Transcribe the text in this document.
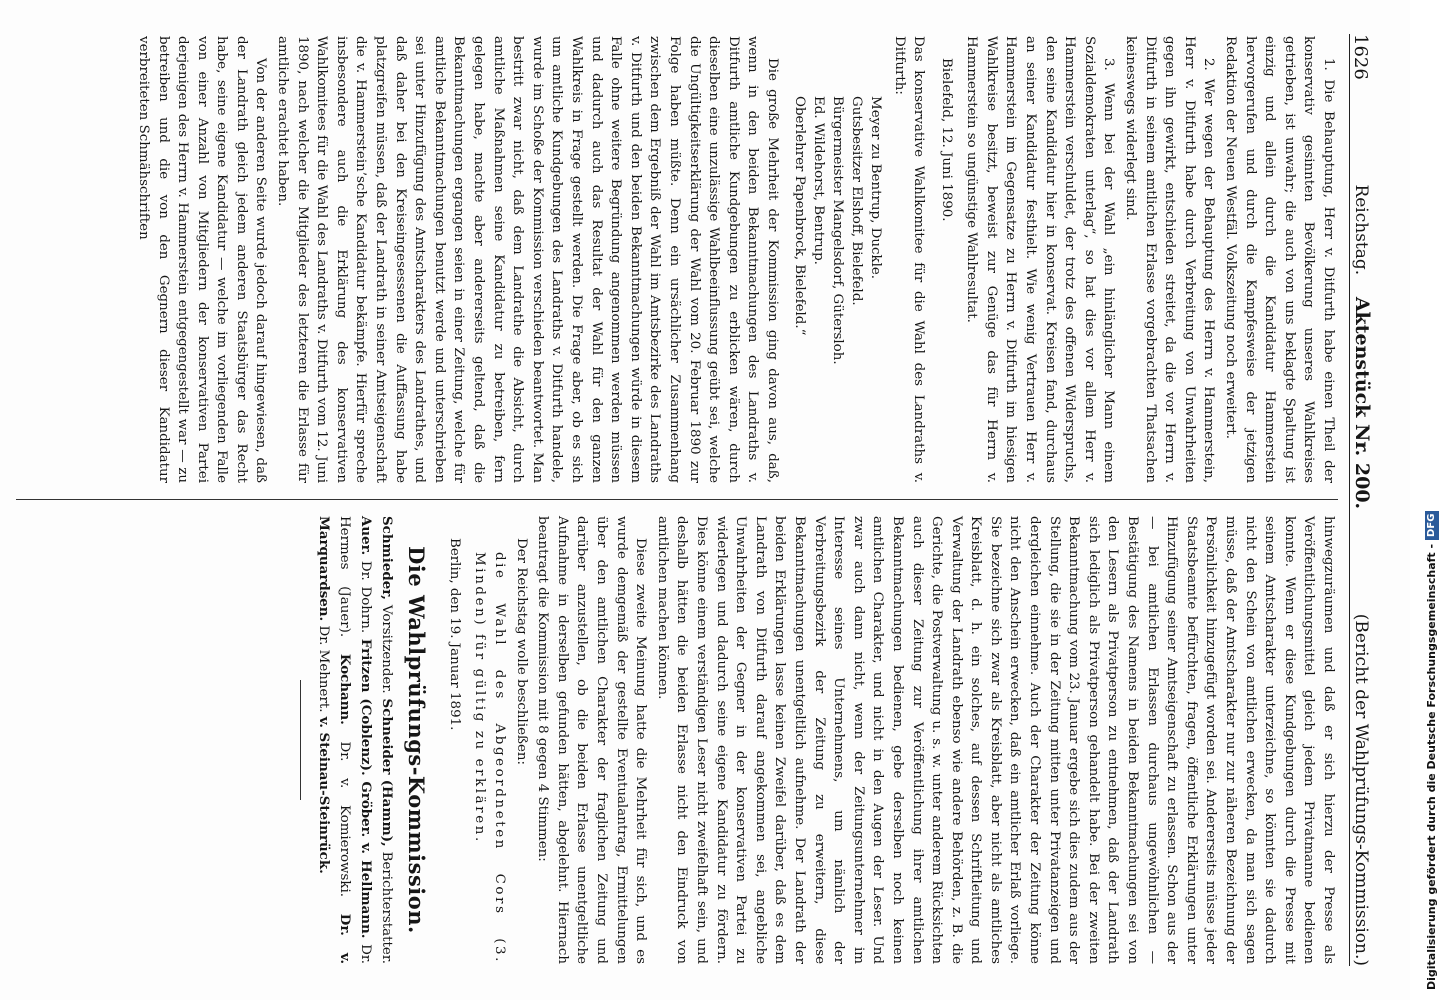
1626
Reichstag.    Aktenstück Nr. 200.
(Bericht der Wahlprüfungs-Kommission.)

1. Die Behauptung, Herr v. Ditfurth habe einen Theil der konservativ gesinnten Bevölkerung unseres Wahlkreises getrieben, ist unwahr; die auch von uns beklagte Spaltung ist einzig und allein durch die Kandidatur Hammerstein hervorgerufen und durch die Kampfesweise der jetzigen Redaktion der Neuen Westfäl. Volkszeitung noch erweitert.

2. Wer wegen der Behauptung des Herrn v. Hammerstein, Herr v. Ditfurth habe durch Verbreitung von Unwahrheiten gegen ihn gewirkt, entschieden streitet, da die vor Herrn v. Ditfurth in seinem amtlichen Erlasse vorgebrachten Thatsachen keineswegs widerlegt sind.

3. Wenn bei der Wahl „ein hinlänglicher Mann einem Sozialdemokraten unterlag“, so hat dies vor allem Herr v. Hammerstein verschuldet, der trotz des offenen Widerspruchs, den seine Kandidatur hier in konservat. Kreisen fand, durchaus an seiner Kandidatur festhielt. Wie wenig Vertrauen Herr v. Hammerstein im Gegensatze zu Herrn v. Ditfurth im hiesigen Wahlkreise besitzt, beweist zur Genüge das für Herrn v. Hammerstein so ungünstige Wahlresultat.

Bielefeld, 12. Juni 1890.

Das konservative Wahlkomitee für die Wahl des Landraths v. Ditfurth:

Meyer zu Bentrup, Duckle.
Gutsbesitzer Elshoff, Bielefeld.
Bürgermeister Mangelsdorf, Gütersloh.
Ed. Wildehorst, Bentrup.
Oberlehrer Papenbrock, Bielefeld.“

Die große Mehrheit der Kommission ging davon aus, daß, wenn in den beiden Bekanntmachungen des Landraths v. Ditfurth amtliche Kundgebungen zu erblicken wären, durch dieselben eine unzulässige Wahlbeeinflussung geübt sei, welche die Ungültigkeitserklärung der Wahl vom 20. Februar 1890 zur Folge haben müßte. Denn ein ursächlicher Zusammenhang zwischen dem Ergebniß der Wahl im Amtsbezirke des Landraths v. Ditfurth und den beiden Bekanntmachungen würde in diesem Falle ohne weitere Begründung angenommen werden müssen und dadurch auch das Resultat der Wahl für den ganzen Wahlkreis in Frage gestellt werden. Die Frage aber, ob es sich um amtliche Kundgebungen des Landraths v. Ditfurth handele, wurde im Schoße der Kommission verschieden beantwortet. Man bestritt zwar nicht, daß dem Landrathe die Absicht, durch amtliche Maßnahmen seine Kandidatur zu betreiben, fern gelegen habe, machte aber andererseits geltend, daß die Bekanntmachungen ergangen seien in einer Zeitung, welche für amtliche Bekanntmachungen benutzt werde und unterschrieben sei unter Hinzufügung des Amtscharakters des Landrathes, und daß daher bei den Kreiseingesessenen die Auffassung habe platzgreifen müssen, daß der Landrath in seiner Amtseigenschaft die v. Hammerstein’sche Kandidatur bekämpfe. Hierfür spreche insbesondere auch die Erklärung des konservativen Wahlkomitees für die Wahl des Landraths v. Ditfurth vom 12. Juni 1890, nach welcher die Mitglieder des letzteren die Erlasse für amtliche erachtet haben.

Von der anderen Seite wurde jedoch darauf hingewiesen, daß der Landrath gleich jedem anderen Staatsbürger das Recht habe, seine eigene Kandidatur — welche im vorliegenden Falle von einer Anzahl von Mitgliedern der konservativen Partei derjenigen des Herrn v. Hammerstein entgegengestellt war — zu betreiben und die von den Gegnern dieser Kandidatur verbreiteten Schmähschriften

hinwegzuräumen und daß er sich hierzu der Presse als Veröffentlichungsmittel gleich jedem Privatmanne bedienen konnte. Wenn er diese Kundgebungen durch die Presse mit seinem Amtscharakter unterzeichne, so könnten sie dadurch nicht den Schein von amtlichen erwecken, da man sich sagen müsse, daß der Amtscharakter nur zur näheren Bezeichnung der Persönlichkeit hinzugefügt worden sei. Andererseits müsse jeder Staatsbeamte befürchten, fragen, öffentliche Erklärungen unter Hinzufügung seiner Amtseigenschaft zu erlassen. Schon aus der — bei amtlichen Erlassen durchaus ungewöhnlichen — Bestätigung des Namens in beiden Bekanntmachungen sei von den Lesern als Privatperson zu entnehmen, daß der Landrath sich lediglich als Privatperson gehandelt habe. Bei der zweiten Bekanntmachung vom 23. Januar ergebe sich dies zudem aus der Stellung, die sie in der Zeitung mitten unter Privatanzeigen und dergleichen einnehme. Auch der Charakter der Zeitung könne nicht den Anschein erwecken, daß ein amtlicher Erlaß vorliege. Sie bezeichne sich zwar als Kreisblatt, aber nicht als amtliches Kreisblatt, d. h. ein solches, auf dessen Schriftleitung und Verwaltung der Landrath ebenso wie andere Behörden, z. B. die Gerichte, die Postverwaltung u. s. w. unter anderem Rücksichten auch dieser Zeitung zur Veröffentlichung ihrer amtlichen Bekanntmachungen bedienen, gebe derselben noch keinen amtlichen Charakter, und nicht in den Augen der Leser. Und zwar auch dann nicht, wenn der Zeitungsunternehmer im Interesse seines Unternehmens, um nämlich der Verbreitungsbezirk der Zeitung zu erweitern, diese Bekanntmachungen unentgeltlich aufnehme. Der Landrath der beiden Erklärungen lasse keinen Zweifel darüber, daß es dem Landrath von Ditfurth darauf angekommen sei, angebliche Unwahrheiten der Gegner in der konservativen Partei zu widerlegen und dadurch seine eigene Kandidatur zu fördern. Dies könne einem verständigen Leser nicht zweifelhaft sein, und deshalb hätten die beiden Erlasse nicht den Eindruck von amtlichen machen können.

Diese zweite Meinung hatte die Mehrheit für sich, und es wurde demgemäß der gestellte Eventualantrag, Ermittelungen über den amtlichen Charakter der fraglichen Zeitung und darüber anzustellen, ob die beiden Erlasse unentgeltliche Aufnahme in derselben gefunden hätten, abgelehnt. Hiernach beantragt die Kommission mit 8 gegen 4 Stimmen:

Der Reichstag wolle beschließen:

die Wahl des Abgeordneten Cors (3. Minden) für gültig zu erklären.

Berlin, den 19. Januar 1891.

Die Wahlprüfungs-Kommission.
Schmieder, Vorsitzender. Schneider (Hamm), Berichterstatter. Auer. Dr. Dohrn. Fritzen (Coblenz). Gröber. v. Hellmann. Dr. Hermes (Jauer). Kochann. Dr. v. Komierowski. Dr. v. Marquardsen. Dr. Mehnert. v. Steinau-Steinrück.	Digitalisierung gefördert durch die Deutsche Forschungsgemeinschaft -
DFG
